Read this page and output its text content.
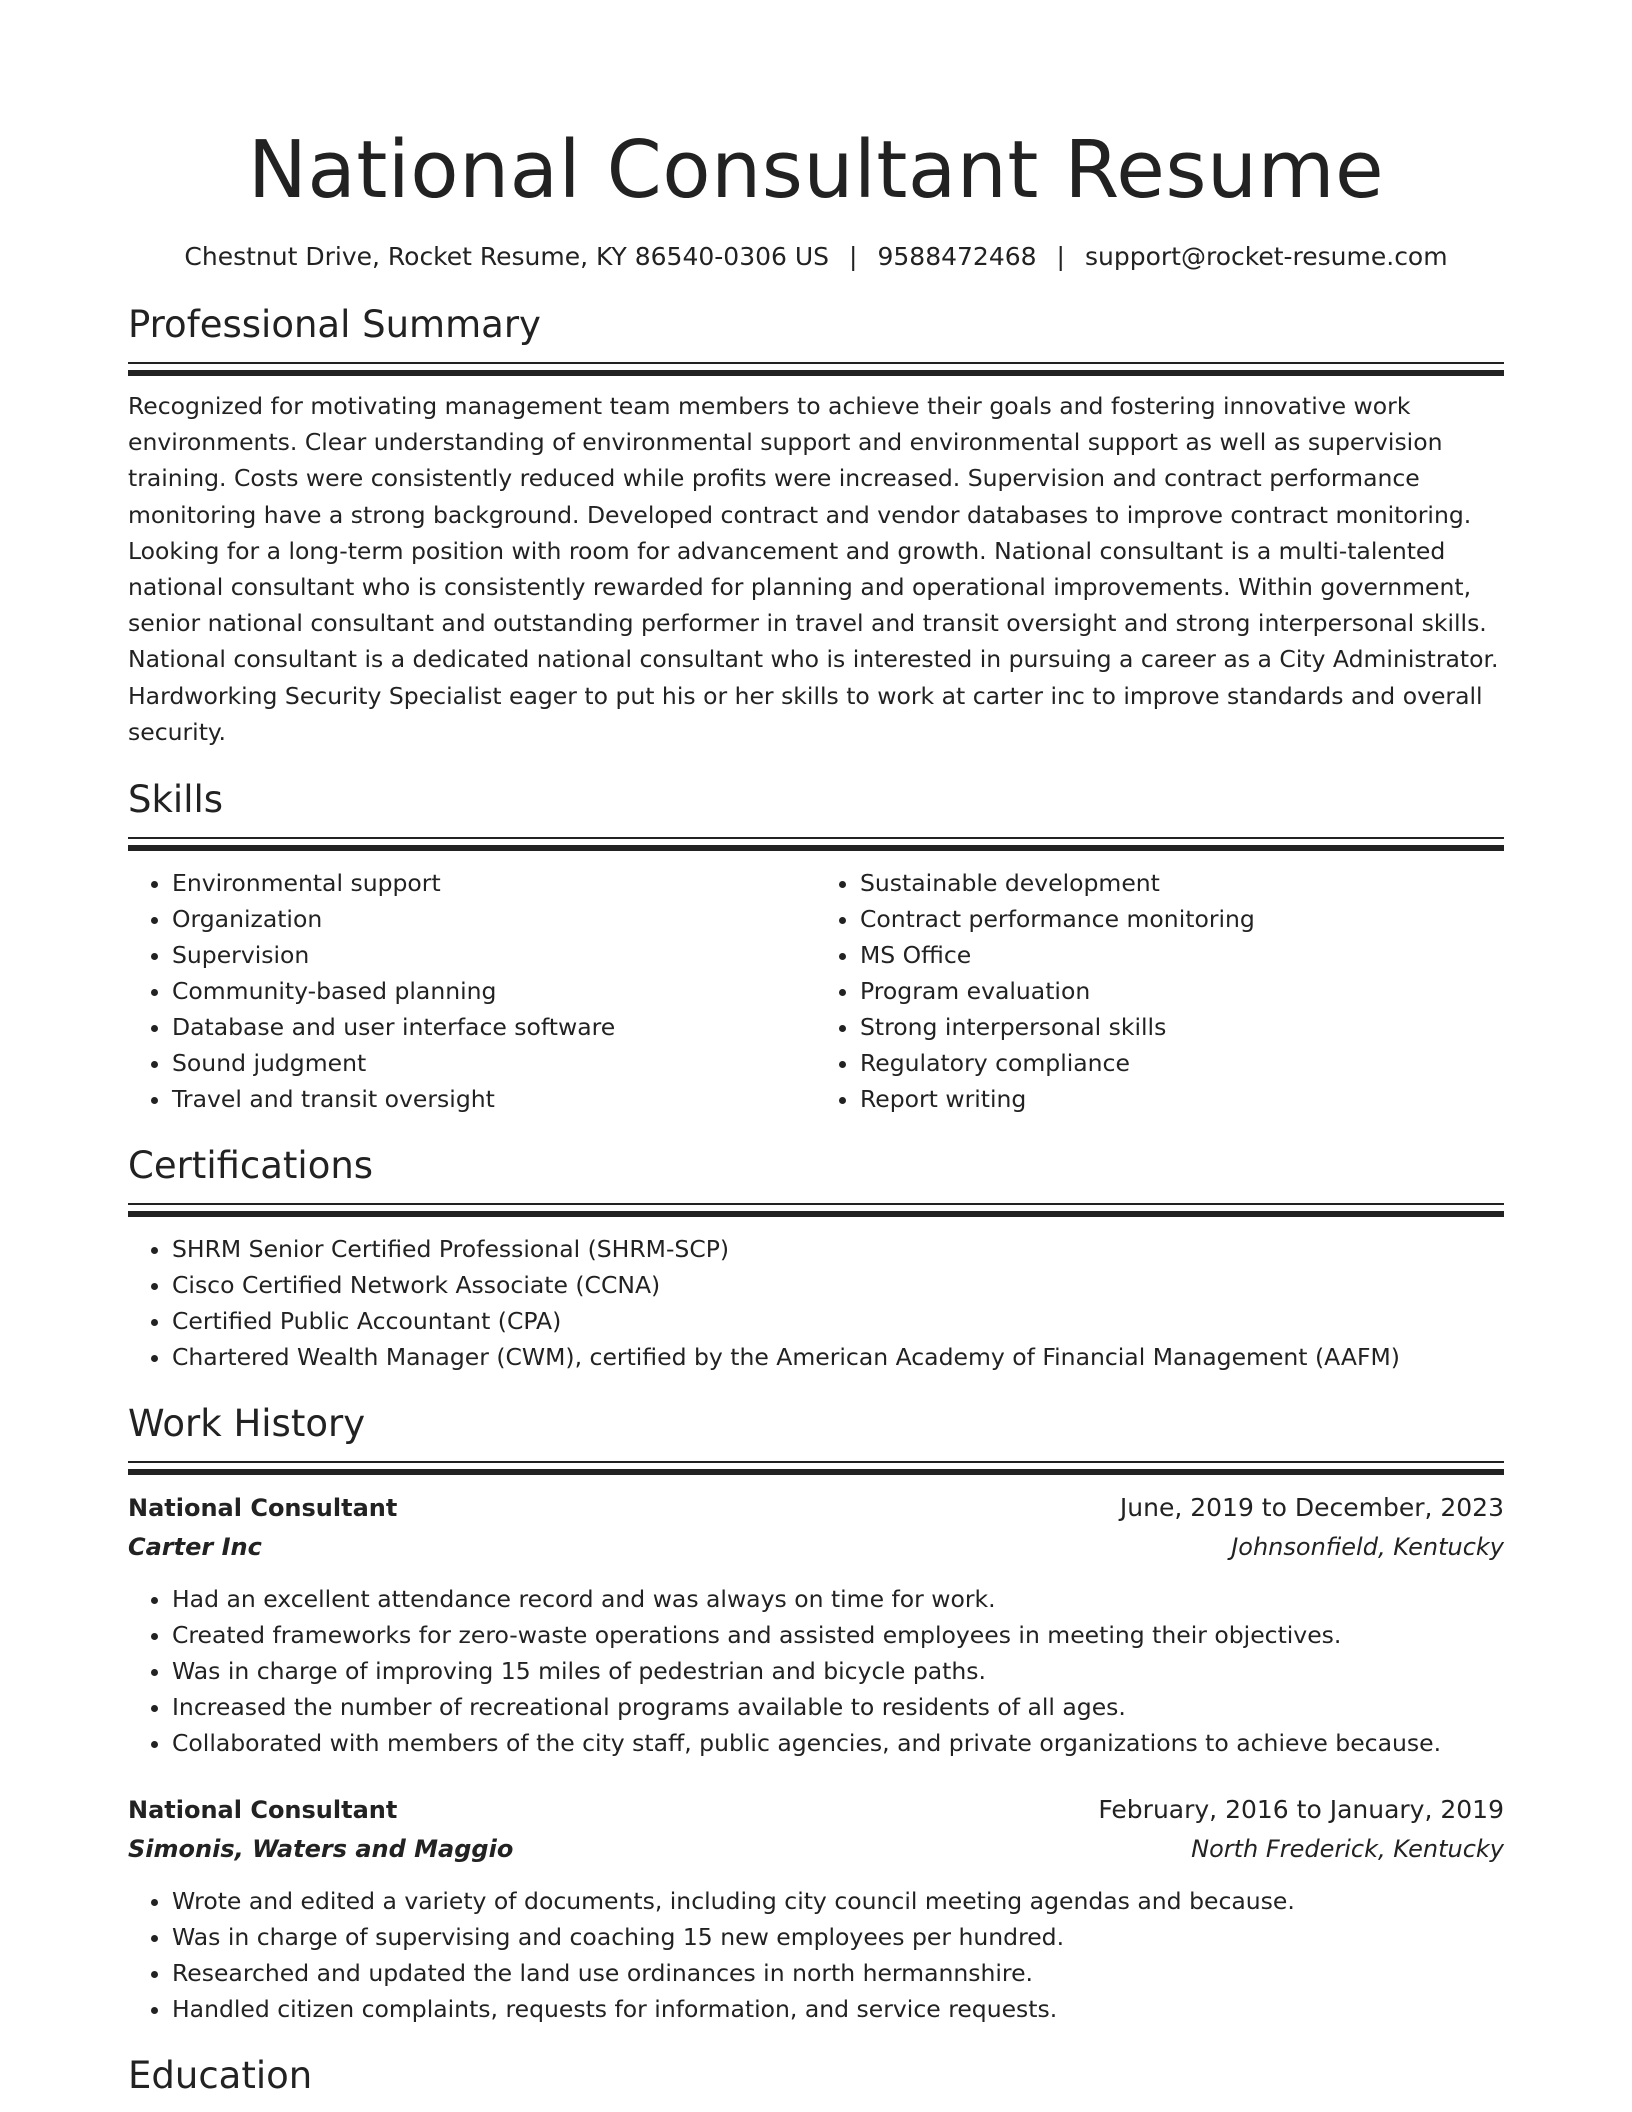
National Consultant Resume
Chestnut Drive, Rocket Resume, KY 86540-0306 US | 9588472468 | support@rocket-resume.com
Professional Summary

Recognized for motivating management team members to achieve their goals and fostering innovative work environments. Clear understanding of environmental support and environmental support as well as supervision training. Costs were consistently reduced while profits were increased. Supervision and contract performance monitoring have a strong background. Developed contract and vendor databases to improve contract monitoring. Looking for a long-term position with room for advancement and growth. National consultant is a multi-talented national consultant who is consistently rewarded for planning and operational improvements. Within government, senior national consultant and outstanding performer in travel and transit oversight and strong interpersonal skills. National consultant is a dedicated national consultant who is interested in pursuing a career as a City Administrator. Hardworking Security Specialist eager to put his or her skills to work at carter inc to improve standards and overall security.

Skills
• Environmental support
• Organization
• Supervision
• Community-based planning
• Database and user interface software
• Sound judgment
• Travel and transit oversight
• Sustainable development
• Contract performance monitoring
• MS Office
• Program evaluation
• Strong interpersonal skills
• Regulatory compliance
• Report writing
Certifications
• SHRM Senior Certified Professional (SHRM-SCP)
• Cisco Certified Network Associate (CCNA)
• Certified Public Accountant (CPA)
• Chartered Wealth Manager (CWM), certified by the American Academy of Financial Management (AAFM)
Work History
National Consultant	June, 2019 to December, 2023
Carter Inc	Johnsonfield, Kentucky
• Had an excellent attendance record and was always on time for work.
• Created frameworks for zero-waste operations and assisted employees in meeting their objectives.
• Was in charge of improving 15 miles of pedestrian and bicycle paths.
• Increased the number of recreational programs available to residents of all ages.
• Collaborated with members of the city staff, public agencies, and private organizations to achieve because.
National Consultant	February, 2016 to January, 2019
Simonis, Waters and Maggio	North Frederick, Kentucky
• Wrote and edited a variety of documents, including city council meeting agendas and because.
• Was in charge of supervising and coaching 15 new employees per hundred.
• Researched and updated the land use ordinances in north hermannshire.
• Handled citizen complaints, requests for information, and service requests.
Education
